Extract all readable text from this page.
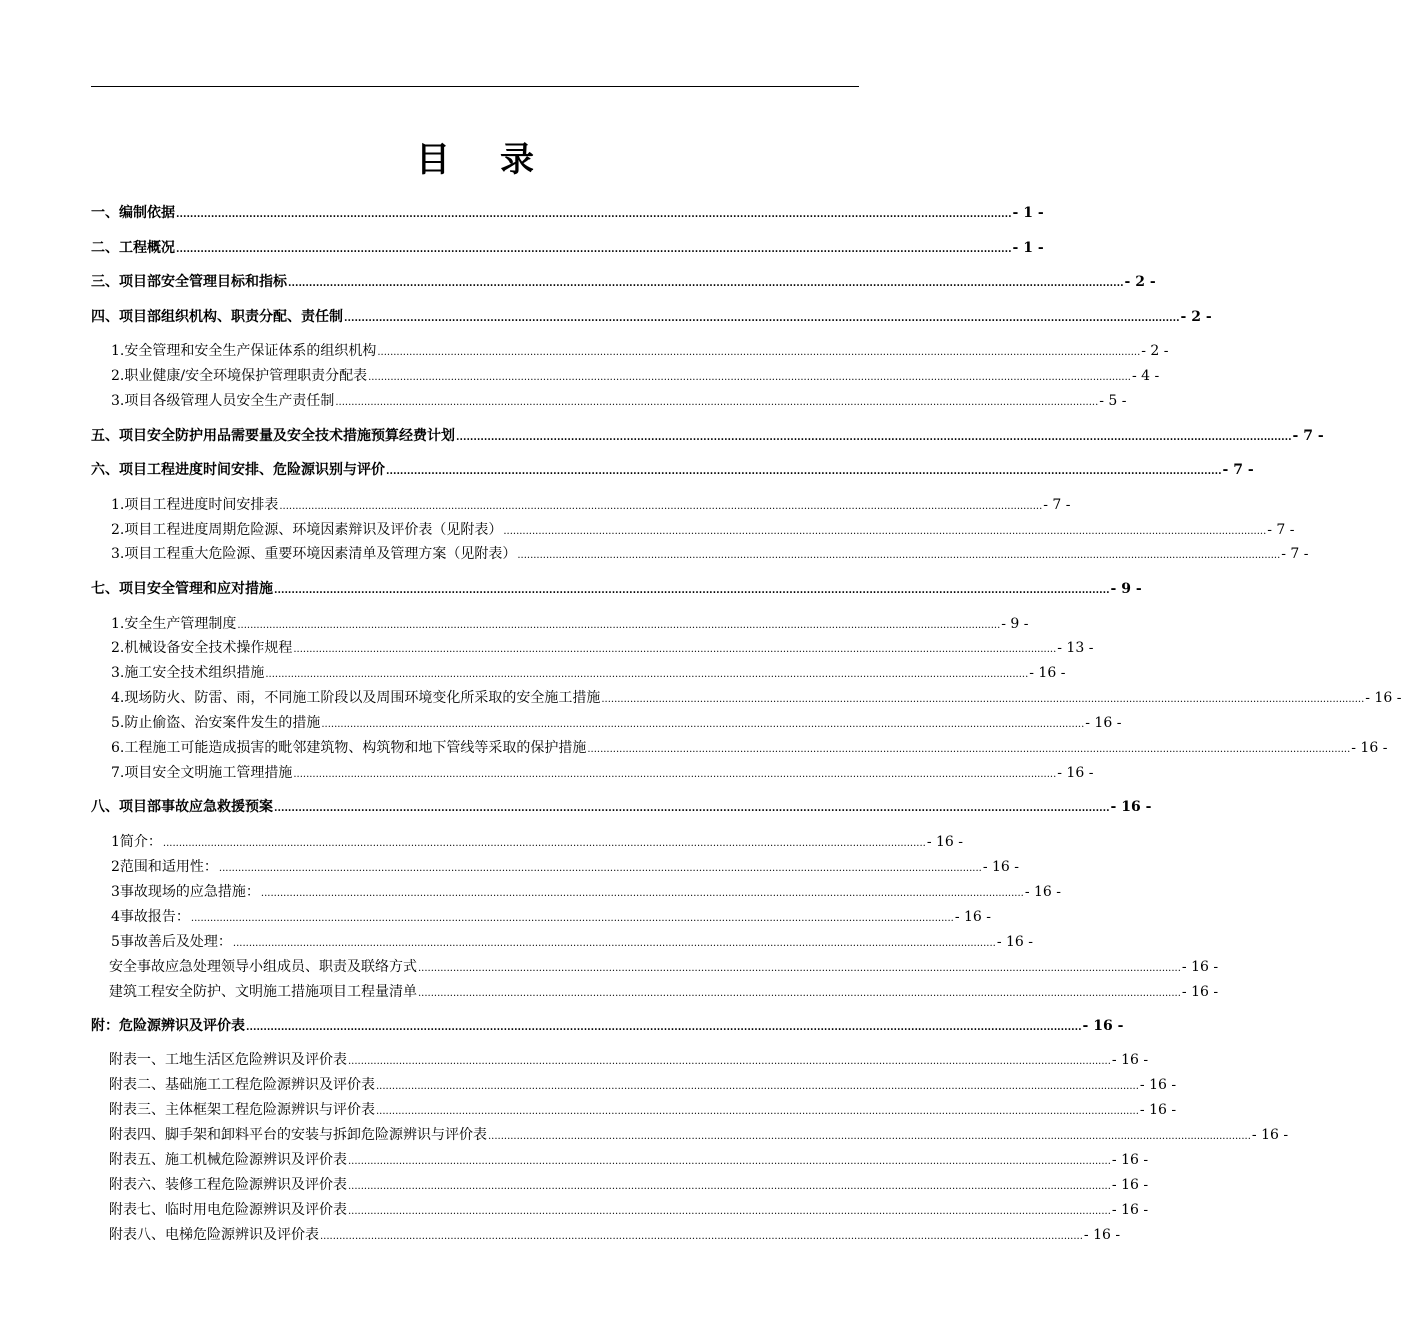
目 录
一、编制依据 ................................................................................................................................................................................................................................................ - 1 -
二、工程概况 ................................................................................................................................................................................................................................................ - 1 -
三、项目部安全管理目标和指标 ................................................................................................................................................................................................................................................ - 2 -
四、项目部组织机构、职责分配、责任制 ................................................................................................................................................................................................................................................ - 2 -
1. 安全管理和安全生产保证体系的组织机构 ................................................................................................................................................................................................................................................ - 2 -
2. 职业健康/安全环境保护管理职责分配表 ................................................................................................................................................................................................................................................ - 4 -
3. 项目各级管理人员安全生产责任制 ................................................................................................................................................................................................................................................ - 5 -
五、项目安全防护用品需要量及安全技术措施预算经费计划 ................................................................................................................................................................................................................................................ - 7 -
六、项目工程进度时间安排、危险源识别与评价 ................................................................................................................................................................................................................................................ - 7 -
1. 项目工程进度时间安排表 ................................................................................................................................................................................................................................................ - 7 -
2. 项目工程进度周期危险源、环境因素辩识及评价表（见附表） ................................................................................................................................................................................................................................................ - 7 -
3. 项目工程重大危险源、重要环境因素清单及管理方案（见附表） ................................................................................................................................................................................................................................................ - 7 -
七、项目安全管理和应对措施 ................................................................................................................................................................................................................................................ - 9 -
1. 安全生产管理制度 ................................................................................................................................................................................................................................................ - 9 -
2. 机械设备安全技术操作规程 ................................................................................................................................................................................................................................................ - 13 -
3. 施工安全技术组织措施 ................................................................................................................................................................................................................................................ - 16 -
4. 现场防火、防雷、雨，不同施工阶段以及周围环境变化所采取的安全施工措施 ................................................................................................................................................................................................................................................ - 16 -
5. 防止偷盗、治安案件发生的措施 ................................................................................................................................................................................................................................................ - 16 -
6. 工程施工可能造成损害的毗邻建筑物、构筑物和地下管线等采取的保护措施 ................................................................................................................................................................................................................................................ - 16 -
7. 项目安全文明施工管理措施 ................................................................................................................................................................................................................................................ - 16 -
八、项目部事故应急救援预案 ................................................................................................................................................................................................................................................ - 16 -
1 简介： ................................................................................................................................................................................................................................................ - 16 -
2 范围和适用性： ................................................................................................................................................................................................................................................ - 16 -
3 事故现场的应急措施： ................................................................................................................................................................................................................................................ - 16 -
4 事故报告： ................................................................................................................................................................................................................................................ - 16 -
5 事故善后及处理： ................................................................................................................................................................................................................................................ - 16 -
安全事故应急处理领导小组成员、职责及联络方式 ................................................................................................................................................................................................................................................ - 16 -
建筑工程安全防护、文明施工措施项目工程量清单 ................................................................................................................................................................................................................................................ - 16 -
附：危险源辨识及评价表 ................................................................................................................................................................................................................................................ - 16 -
附表一、工地生活区危险辨识及评价表 ................................................................................................................................................................................................................................................ - 16 -
附表二、基础施工工程危险源辨识及评价表 ................................................................................................................................................................................................................................................ - 16 -
附表三、主体框架工程危险源辨识与评价表 ................................................................................................................................................................................................................................................ - 16 -
附表四、脚手架和卸料平台的安装与拆卸危险源辨识与评价表 ................................................................................................................................................................................................................................................ - 16 -
附表五、施工机械危险源辨识及评价表 ................................................................................................................................................................................................................................................ - 16 -
附表六、装修工程危险源辨识及评价表 ................................................................................................................................................................................................................................................ - 16 -
附表七、临时用电危险源辨识及评价表 ................................................................................................................................................................................................................................................ - 16 -
附表八、电梯危险源辨识及评价表 ................................................................................................................................................................................................................................................ - 16 -
